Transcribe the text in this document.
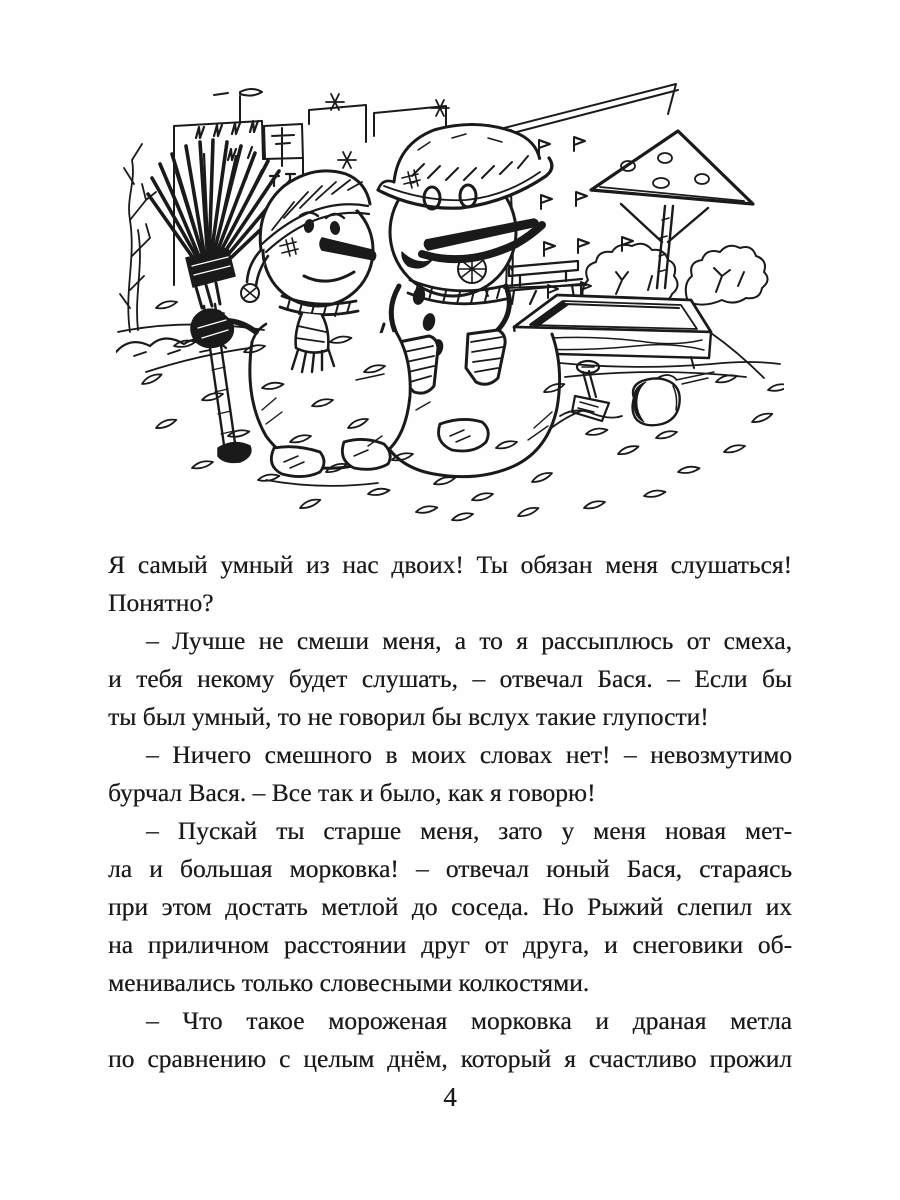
Я самый умный из нас двоих! Ты обязан меня слушаться!
Понятно?
– Лучше не смеши меня, а то я рассыплюсь от смеха,
и тебя некому будет слушать, – отвечал Бася. – Если бы
ты был умный, то не говорил бы вслух такие глупости!
– Ничего смешного в моих словах нет! – невозмутимо
бурчал Вася. – Все так и было, как я говорю!
– Пускай ты старше меня, зато у меня новая мет-
ла и большая морковка! – отвечал юный Бася, стараясь
при этом достать метлой до соседа. Но Рыжий слепил их
на приличном расстоянии друг от друга, и снеговики об-
менивались только словесными колкостями.
– Что такое мороженая морковка и драная метла
по сравнению с целым днём, который я счастливо прожил
4
